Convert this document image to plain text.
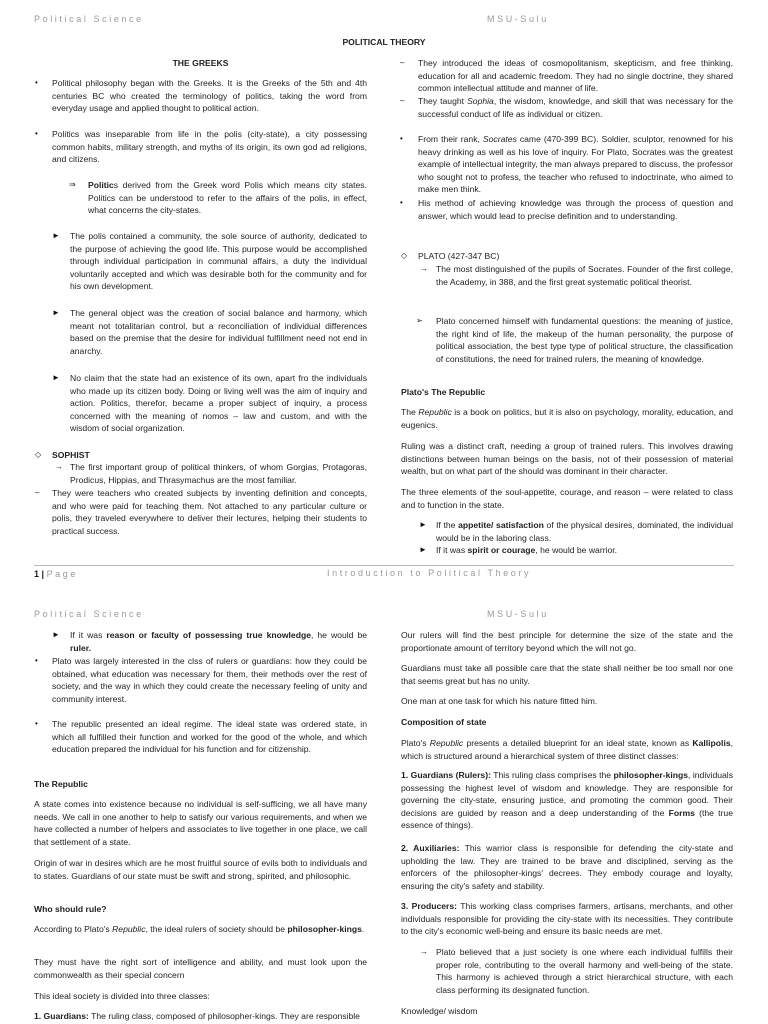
Political Science	MSU-Sulu
POLITICAL THEORY
THE GREEKS
• Political philosophy began with the Greeks. It is the Greeks of the 5th and 4th centuries BC who created the terminology of politics, taking the word from everyday usage and applied thought to political action.
• Politics was inseparable from life in the polis (city-state), a city possessing common habits, military strength, and myths of its origin, its own god ad religions, and citizens.
⇒ Politics derived from the Greek word Polis which means city states. Politics can be understood to refer to the affairs of the polis, in effect, what concerns the city-states.
► The polis contained a community, the sole source of authority, dedicated to the purpose of achieving the good life. This purpose would be accomplished through individual participation in communal affairs, a duty the individual voluntarily accepted and which was desirable both for the community and for his own development.
► The general object was the creation of social balance and harmony, which meant not totalitarian control, but a reconciliation of individual differences based on the premise that the desire for individual fulfillment need not end in anarchy.
► No claim that the state had an existence of its own, apart fro the individuals who made up its citizen body. Doing or living well was the aim of inquiry and action. Politics, therefor, became a proper subject of inquiry, a process concerned with the meaning of nomos – law and custom, and with the wisdom of social organization.
◇ SOPHIST
→ The first important group of political thinkers, of whom Gorgias, Protagoras, Prodicus, Hippias, and Thrasymachus are the most familiar.
– They were teachers who created subjects by inventing definition and concepts, and who were paid for teaching them. Not attached to any particular culture or polis, they traveled everywhere to deliver their lectures, helping their students to practical success.
– They introduced the ideas of cosmopolitanism, skepticism, and free thinking, education for all and academic freedom. They had no single doctrine, they shared common intellectual attitude and manner of life.
– They taught Sophia, the wisdom, knowledge, and skill that was necessary for the successful conduct of life as individual or citizen.
• From their rank, Socrates came (470-399 BC). Soldier, sculptor, renowned for his heavy drinking as well as his love of inquiry. For Plato, Socrates was the greatest example of intellectual integrity, the man always prepared to discuss, the professor who sought not to profess, the teacher who refused to indoctrinate, who aimed to make men think.
• His method of achieving knowledge was through the process of question and answer, which would lead to precise definition and to understanding.
◇ PLATO (427-347 BC)
→ The most distinguished of the pupils of Socrates. Founder of the first college, the Academy, in 388, and the first great systematic political theorist.
➢ Plato concerned himself with fundamental questions: the meaning of justice, the right kind of life, the makeup of the human personality, the purpose of political association, the best type type of political structure, the classification of constitutions, the need for trained rulers, the meaning of knowledge.
Plato's The Republic
The Republic is a book on politics, but it is also on psychology, morality, education, and eugenics.
Ruling was a distinct craft, needing a group of trained rulers. This involves drawing distinctions between human beings on the basis, not of their possession of material wealth, but on what part of the should was dominant in their character.
The three elements of the soul-appetite, courage, and reason – were related to class and to function in the state.
► If the appetite/ satisfaction of the physical desires, dominated, the individual would be in the laboring class.
► If it was spirit or courage, he would be warrior.
1 | Page	Introduction to Political Theory
Political Science	MSU-Sulu
► If it was reason or faculty of possessing true knowledge, he would be ruler.
• Plato was largely interested in the clss of rulers or guardians: how they could be obtained, what education was necessary for them, their methods over the rest of society, and the way in which they could create the necessary feeling of unity and community interest.
• The republic presented an ideal regime. The ideal state was ordered state, in which all fulfilled their function and worked for the good of the whole, and which education prepared the individual for his function and for citizenship.
The Republic
A state comes into existence because no individual is self-sufficing, we all have many needs. We call in one another to help to satisfy our various requirements, and when we have collected a number of helpers and associates to live together in one place, we call that settlement of a state.
Origin of war in desires which are he most fruitful source of evils both to individuals and to states. Guardians of our state must be swift and strong, spirited, and philosophic.
Who should rule?
According to Plato's Republic, the ideal rulers of society should be philosopher-kings.
They must have the right sort of intelligence and ability, and must look upon the commonwealth as their special concern
This ideal society is divided into three classes:
1. Guardians: The ruling class, composed of philosopher-kings. They are responsible
Our rulers will find the best principle for determine the size of the state and the proportionate amount of territory beyond which the will not go.
Guardians must take all possible care that the state shall neither be too small nor one that seems great but has no unity.
One man at one task for which his nature fitted him.
Composition of state
Plato's Republic presents a detailed blueprint for an ideal state, known as Kallipolis, which is structured around a hierarchical system of three distinct classes:
1. Guardians (Rulers): This ruling class comprises the philosopher-kings, individuals possessing the highest level of wisdom and knowledge. They are responsible for governing the city-state, ensuring justice, and promoting the common good. Their decisions are guided by reason and a deep understanding of the Forms (the true essence of things).
2. Auxiliaries: This warrior class is responsible for defending the city-state and upholding the law. They are trained to be brave and disciplined, serving as the enforcers of the philosopher-kings' decrees. They embody courage and loyalty, ensuring the city's safety and stability.
3. Producers: This working class comprises farmers, artisans, merchants, and other individuals responsible for providing the city-state with its necessities. They contribute to the city's economic well-being and ensure its basic needs are met.
→ Plato believed that a just society is one where each individual fulfills their proper role, contributing to the overall harmony and well-being of the state. This harmony is achieved through a strict hierarchical structure, with each class performing its designated function.
Knowledge/ wisdom
